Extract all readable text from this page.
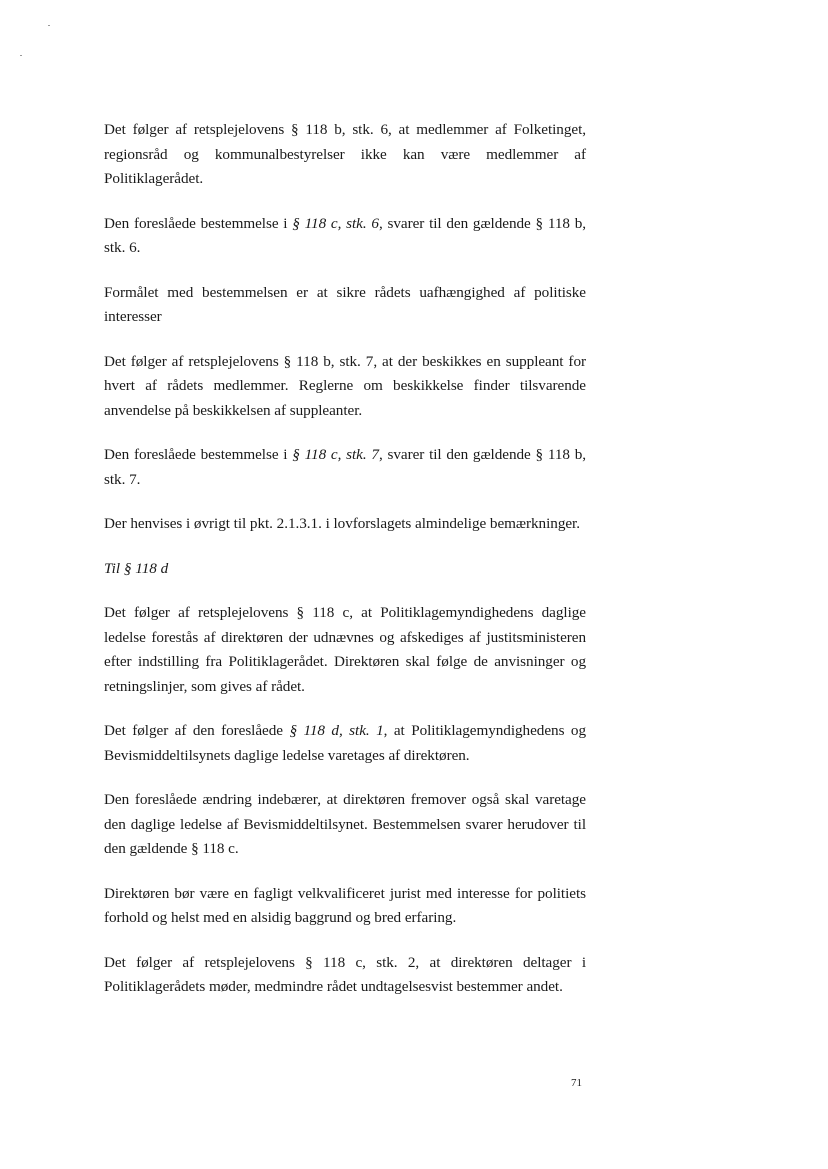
Det følger af retsplejelovens § 118 b, stk. 6, at medlemmer af Folketinget, regionsråd og kommunalbestyrelser ikke kan være medlemmer af Politiklagerådet.

Den foreslåede bestemmelse i § 118 c, stk. 6, svarer til den gældende § 118 b, stk. 6.

Formålet med bestemmelsen er at sikre rådets uafhængighed af politiske interesser

Det følger af retsplejelovens § 118 b, stk. 7, at der beskikkes en suppleant for hvert af rådets medlemmer. Reglerne om beskikkelse finder tilsvarende anvendelse på beskikkelsen af suppleanter.

Den foreslåede bestemmelse i § 118 c, stk. 7, svarer til den gældende § 118 b, stk. 7.

Der henvises i øvrigt til pkt. 2.1.3.1. i lovforslagets almindelige bemærkninger.

Til § 118 d

Det følger af retsplejelovens § 118 c, at Politiklagemyndighedens daglige ledelse forestås af direktøren der udnævnes og afskediges af justitsministeren efter indstilling fra Politiklagerådet. Direktøren skal følge de anvisninger og retningslinjer, som gives af rådet.

Det følger af den foreslåede § 118 d, stk. 1, at Politiklagemyndighedens og Bevismiddeltilsynets daglige ledelse varetages af direktøren.

Den foreslåede ændring indebærer, at direktøren fremover også skal varetage den daglige ledelse af Bevismiddeltilsynet. Bestemmelsen svarer herudover til den gældende § 118 c.

Direktøren bør være en fagligt velkvalificeret jurist med interesse for politiets forhold og helst med en alsidig baggrund og bred erfaring.

Det følger af retsplejelovens § 118 c, stk. 2, at direktøren deltager i Politiklagerådets møder, medmindre rådet undtagelsesvist bestemmer andet.

71
